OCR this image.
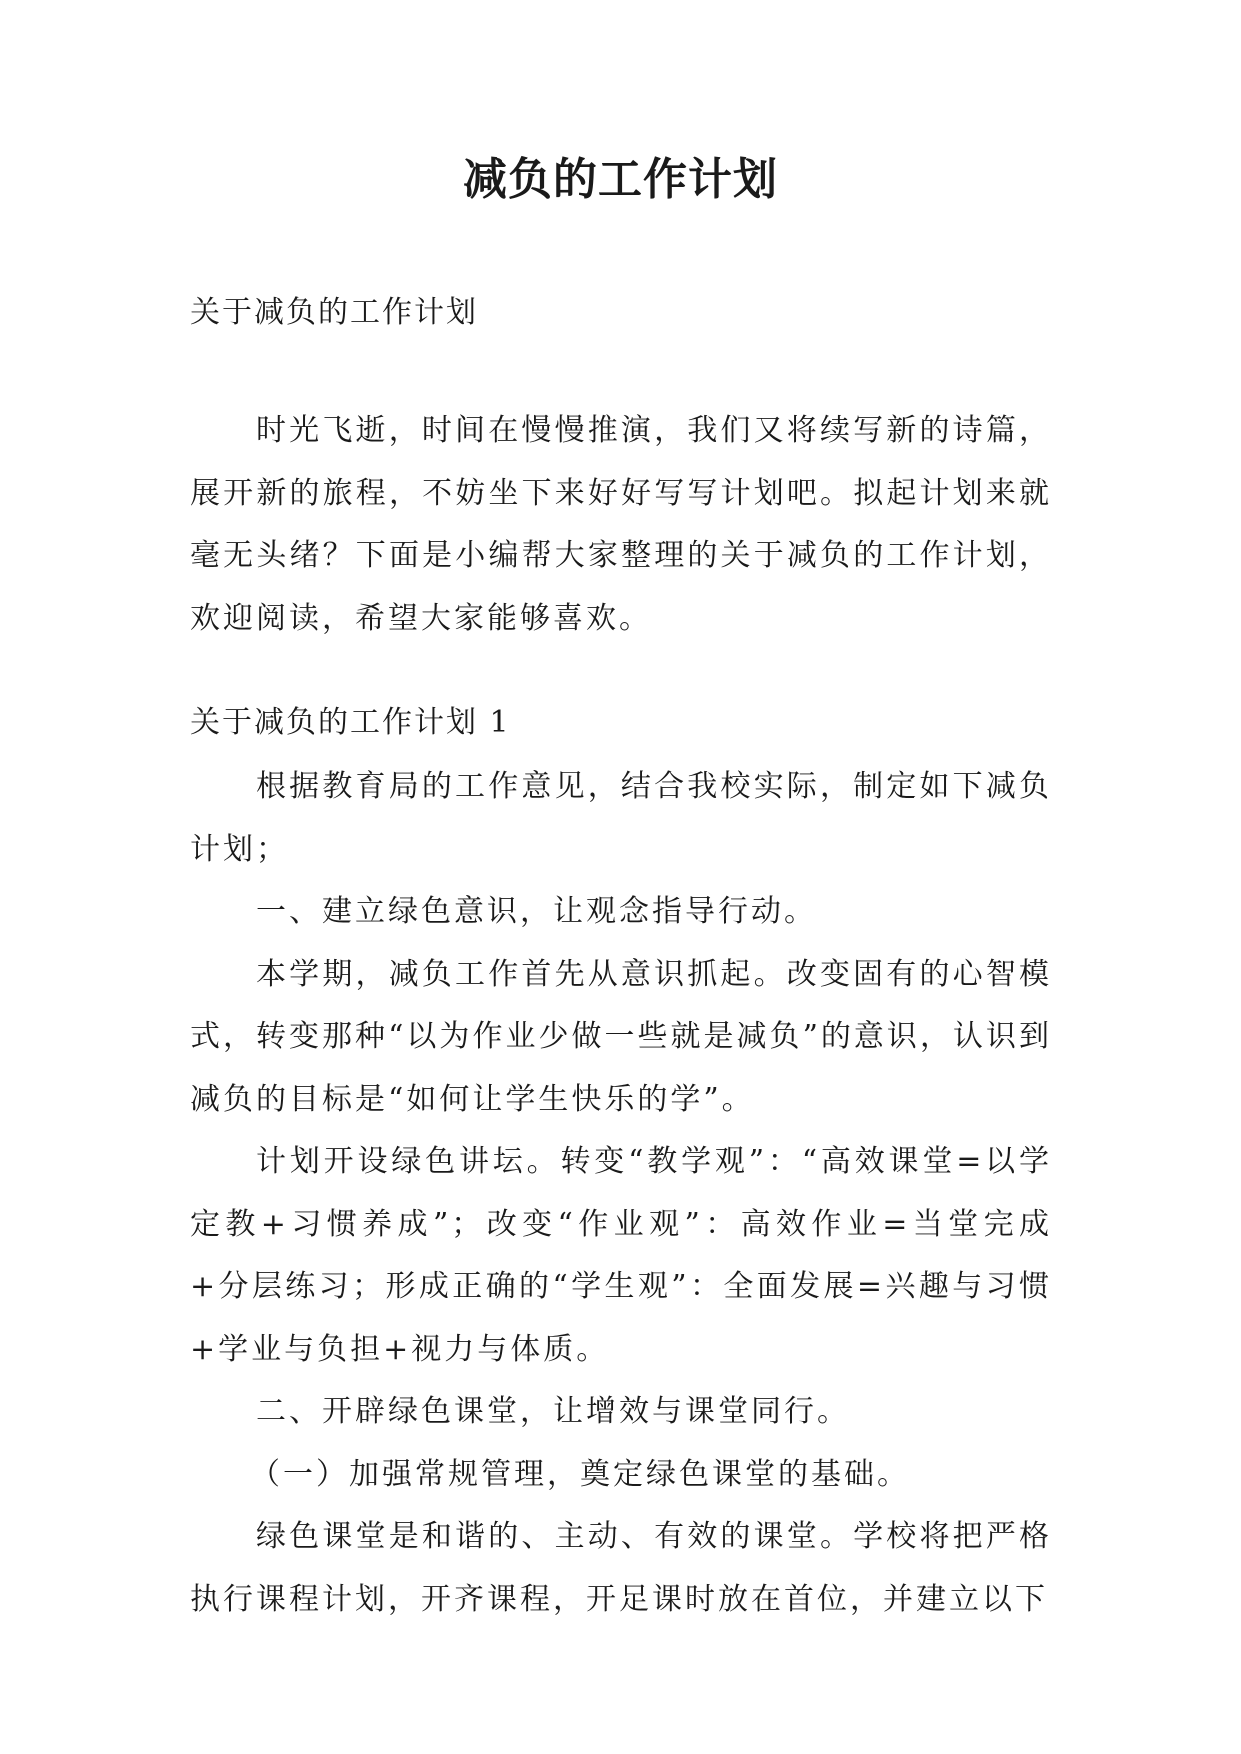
减负的工作计划

关于减负的工作计划

时光飞逝，时间在慢慢推演，我们又将续写新的诗篇，展开新的旅程，不妨坐下来好好写写计划吧。拟起计划来就毫无头绪？下面是小编帮大家整理的关于减负的工作计划，欢迎阅读，希望大家能够喜欢。

关于减负的工作计划 1

根据教育局的工作意见，结合我校实际，制定如下减负计划；

一、建立绿色意识，让观念指导行动。

本学期，减负工作首先从意识抓起。改变固有的心智模式，转变那种“以为作业少做一些就是减负”的意识，认识到减负的目标是“如何让学生快乐的学”。

计划开设绿色讲坛。转变“教学观”：“高效课堂=以学定教+习惯养成”；改变“作业观”：高效作业=当堂完成+分层练习；形成正确的“学生观”：全面发展=兴趣与习惯+学业与负担+视力与体质。

二、开辟绿色课堂，让增效与课堂同行。

（一）加强常规管理，奠定绿色课堂的基础。

绿色课堂是和谐的、主动、有效的课堂。学校将把严格执行课程计划，开齐课程，开足课时放在首位，并建立以下
